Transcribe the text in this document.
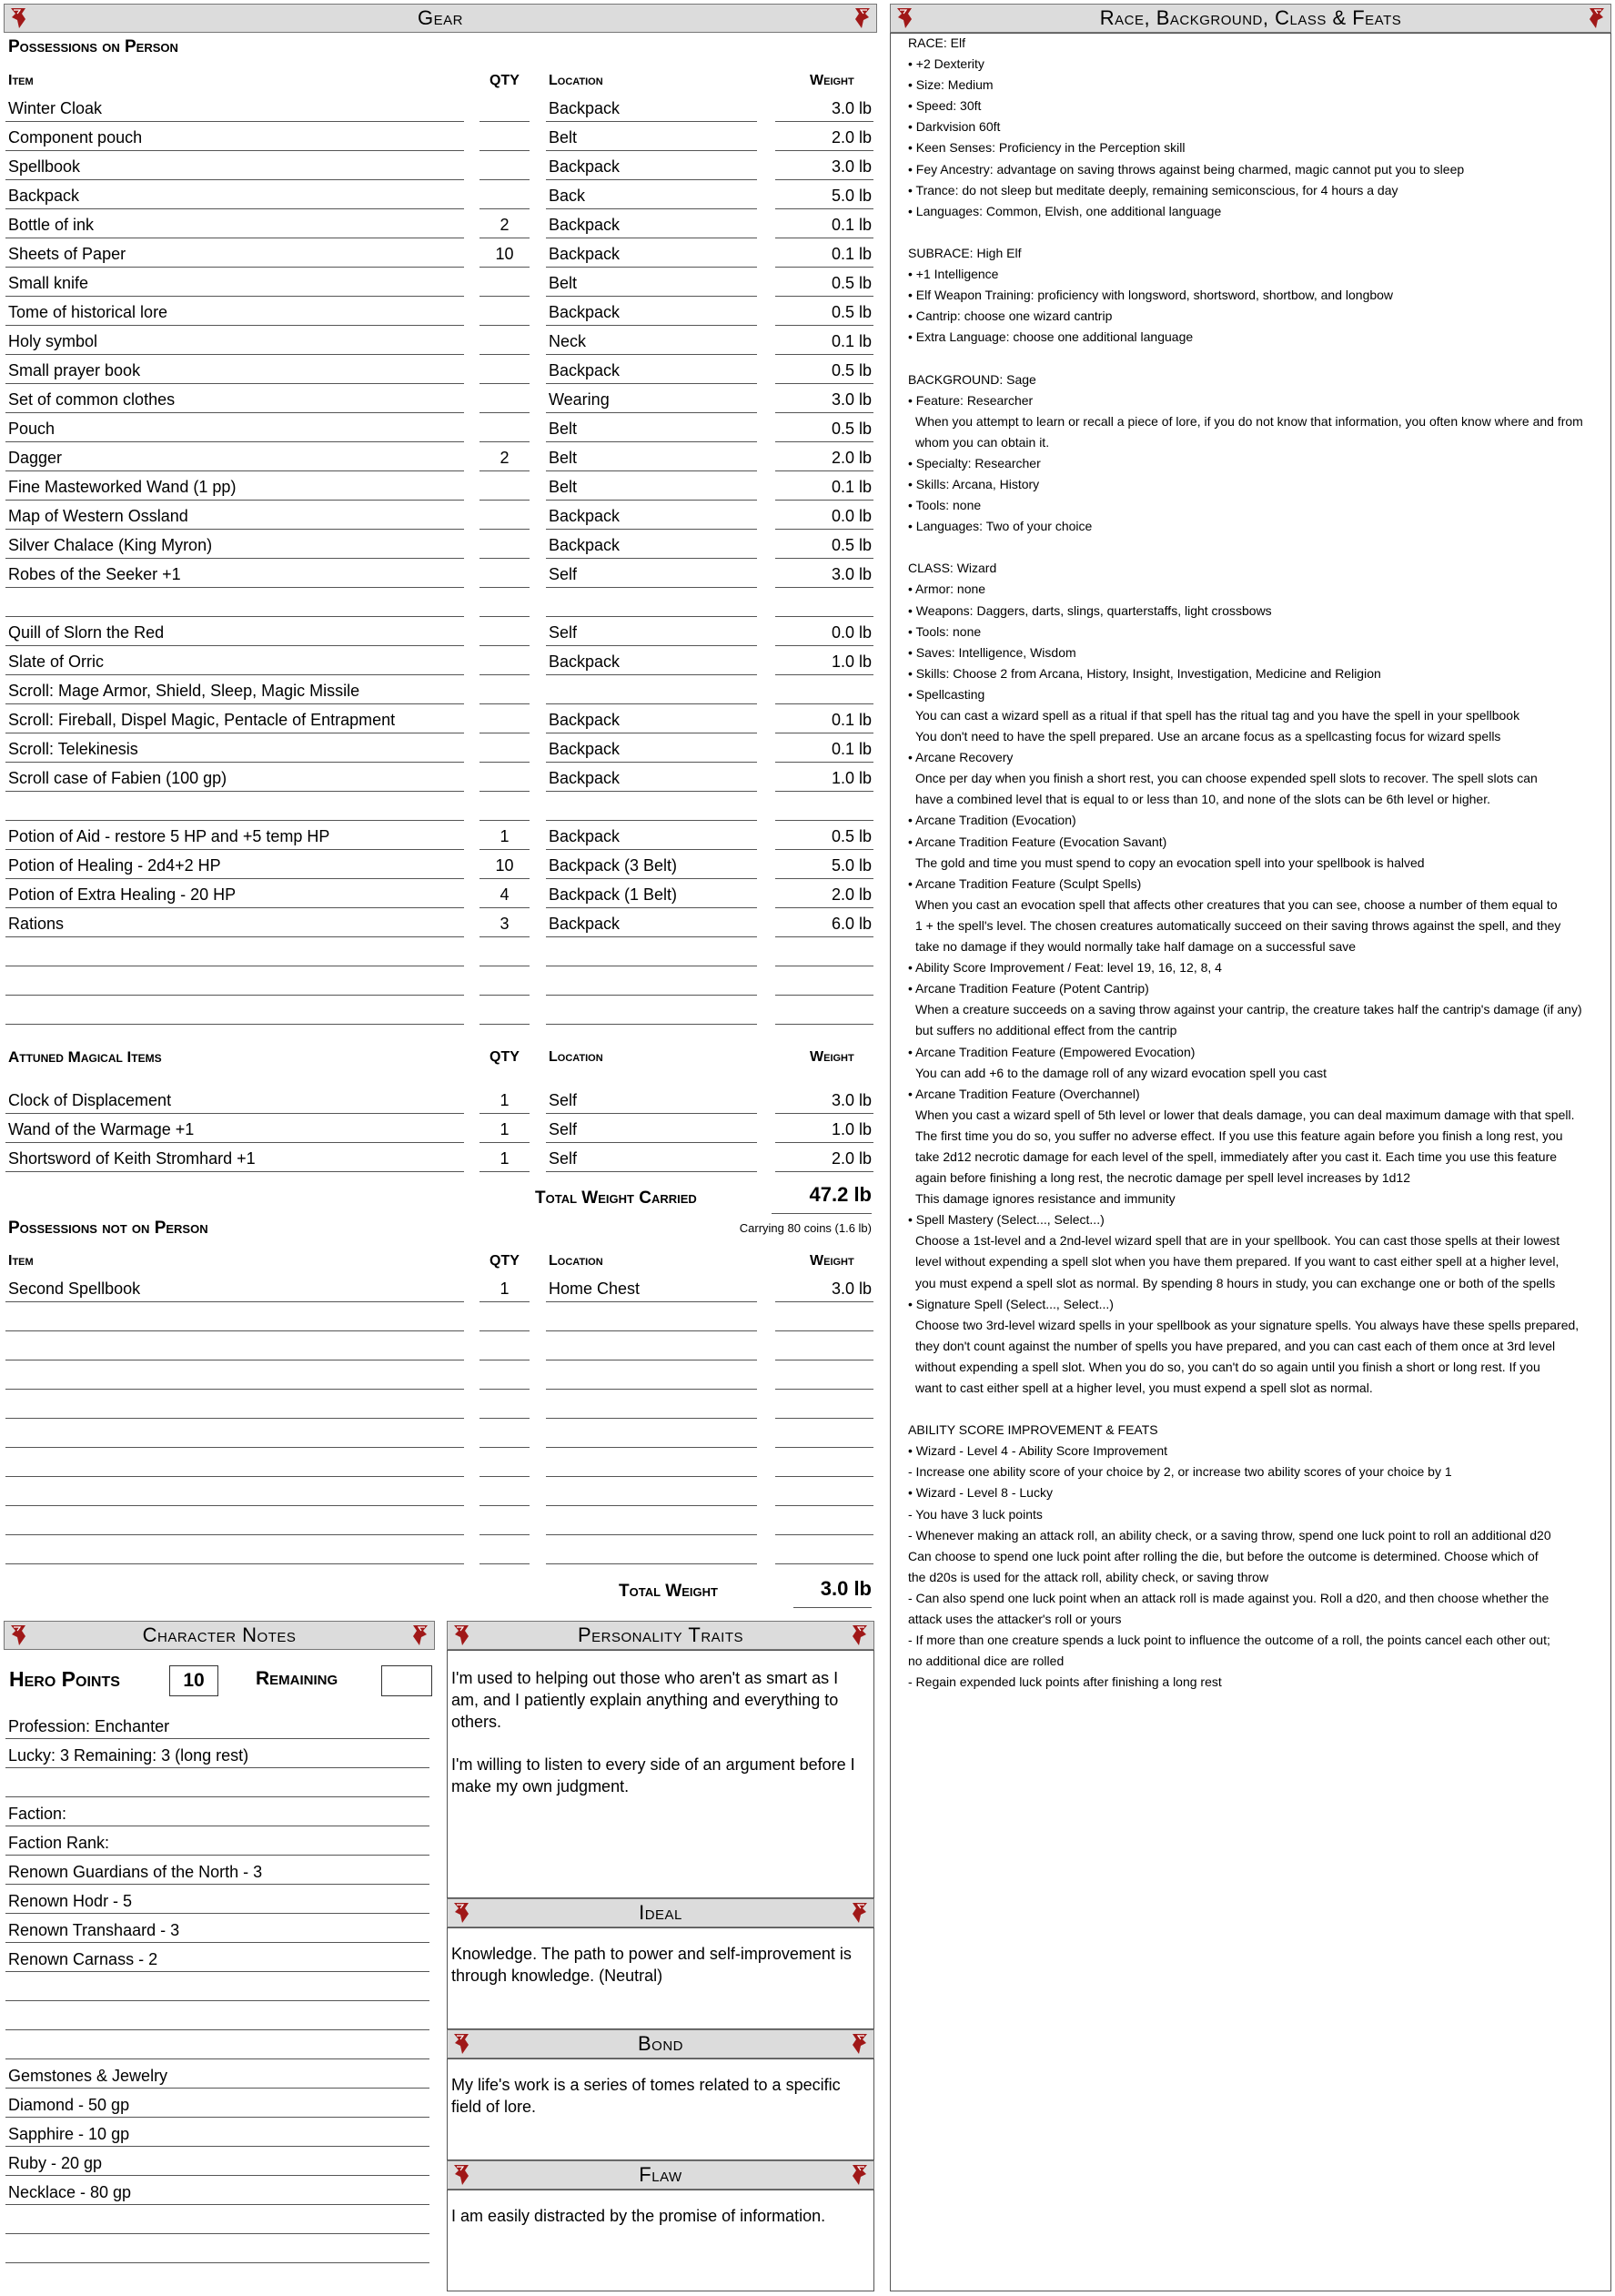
Gear
Possessions on Person
Item	QTY Location	Weight
Winter Cloak	Backpack	3.0 lb
Component pouch	Belt	2.0 lb
Spellbook	Backpack	3.0 lb
Backpack	Back	5.0 lb
Bottle of ink	2	Backpack	0.1 lb
Sheets of Paper	10	Backpack	0.1 lb
Small knife	Belt	0.5 lb
Tome of historical lore	Backpack	0.5 lb
Holy symbol	Neck	0.1 lb
Small prayer book	Backpack	0.5 lb
Set of common clothes	Wearing	3.0 lb
Pouch	Belt	0.5 lb
Dagger	2	Belt	2.0 lb
Fine Masteworked Wand (1 pp)	Belt	0.1 lb
Map of Western Ossland	Backpack	0.0 lb
Silver Chalace (King Myron)	Backpack	0.5 lb
Robes of the Seeker +1	Self	3.0 lb
Quill of Slorn the Red	Self	0.0 lb
Slate of Orric	Backpack	1.0 lb
Scroll: Mage Armor, Shield, Sleep, Magic Missile
Scroll: Fireball, Dispel Magic, Pentacle of Entrapment	Backpack	0.1 lb
Scroll: Telekinesis	Backpack	0.1 lb
Scroll case of Fabien (100 gp)	Backpack	1.0 lb
Potion of Aid - restore 5 HP and +5 temp HP	1	Backpack	0.5 lb
Potion of Healing - 2d4+2 HP	10	Backpack (3 Belt)	5.0 lb
Potion of Extra Healing - 20 HP	4	Backpack (1 Belt)	2.0 lb
Rations	3	Backpack	6.0 lb
Attuned Magical Items	QTY Location	Weight
Clock of Displacement	1	Self	3.0 lb
Wand of the Warmage +1	1	Self	1.0 lb
Shortsword of Keith Stromhard +1	1	Self	2.0 lb
Total Weight Carried	47.2 lb
Carrying 80 coins (1.6 lb)
Possessions not on Person
Item	QTY Location	Weight
Second Spellbook	1	Home Chest	3.0 lb
Total Weight	3.0 lb
Character Notes
Hero Points	10	Remaining
Profession: Enchanter
Lucky: 3 Remaining: 3 (long rest)
Faction:
Faction Rank:
Renown Guardians of the North - 3
Renown Hodr - 5
Renown Transhaard - 3
Renown Carnass - 2
Gemstones & Jewelry
Diamond - 50 gp
Sapphire - 10 gp
Ruby - 20 gp
Necklace - 80 gp
Personality Traits
I'm used to helping out those who aren't as smart as I am, and I patiently explain anything and everything to others.
I'm willing to listen to every side of an argument before I make my own judgment.
Ideal
Knowledge. The path to power and self-improvement is through knowledge. (Neutral)
Bond
My life's work is a series of tomes related to a specific field of lore.
Flaw
I am easily distracted by the promise of information.
Race, Background, Class & Feats
RACE: Elf
• +2 Dexterity
• Size: Medium
• Speed: 30ft
• Darkvision 60ft
• Keen Senses: Proficiency in the Perception skill
• Fey Ancestry: advantage on saving throws against being charmed, magic cannot put you to sleep
• Trance: do not sleep but meditate deeply, remaining semiconscious, for 4 hours a day
• Languages: Common, Elvish, one additional language
SUBRACE: High Elf
• +1 Intelligence
• Elf Weapon Training: proficiency with longsword, shortsword, shortbow, and longbow
• Cantrip: choose one wizard cantrip
• Extra Language: choose one additional language
BACKGROUND: Sage
• Feature: Researcher
When you attempt to learn or recall a piece of lore, if you do not know that information, you often know where and from
whom you can obtain it.
• Specialty: Researcher
• Skills: Arcana, History
• Tools: none
• Languages: Two of your choice
CLASS: Wizard
• Armor: none
• Weapons: Daggers, darts, slings, quarterstaffs, light crossbows
• Tools: none
• Saves: Intelligence, Wisdom
• Skills: Choose 2 from Arcana, History, Insight, Investigation, Medicine and Religion
• Spellcasting
You can cast a wizard spell as a ritual if that spell has the ritual tag and you have the spell in your spellbook
You don't need to have the spell prepared. Use an arcane focus as a spellcasting focus for wizard spells
• Arcane Recovery
Once per day when you finish a short rest, you can choose expended spell slots to recover. The spell slots can
have a combined level that is equal to or less than 10, and none of the slots can be 6th level or higher.
• Arcane Tradition (Evocation)
• Arcane Tradition Feature (Evocation Savant)
The gold and time you must spend to copy an evocation spell into your spellbook is halved
• Arcane Tradition Feature (Sculpt Spells)
When you cast an evocation spell that affects other creatures that you can see, choose a number of them equal to
1 + the spell's level. The chosen creatures automatically succeed on their saving throws against the spell, and they
take no damage if they would normally take half damage on a successful save
• Ability Score Improvement / Feat: level 19, 16, 12, 8, 4
• Arcane Tradition Feature (Potent Cantrip)
When a creature succeeds on a saving throw against your cantrip, the creature takes half the cantrip's damage (if any)
but suffers no additional effect from the cantrip
• Arcane Tradition Feature (Empowered Evocation)
You can add +6 to the damage roll of any wizard evocation spell you cast
• Arcane Tradition Feature (Overchannel)
When you cast a wizard spell of 5th level or lower that deals damage, you can deal maximum damage with that spell.
The first time you do so, you suffer no adverse effect. If you use this feature again before you finish a long rest, you
take 2d12 necrotic damage for each level of the spell, immediately after you cast it. Each time you use this feature
again before finishing a long rest, the necrotic damage per spell level increases by 1d12
This damage ignores resistance and immunity
• Spell Mastery (Select..., Select...)
Choose a 1st-level and a 2nd-level wizard spell that are in your spellbook. You can cast those spells at their lowest
level without expending a spell slot when you have them prepared. If you want to cast either spell at a higher level,
you must expend a spell slot as normal. By spending 8 hours in study, you can exchange one or both of the spells
• Signature Spell (Select..., Select...)
Choose two 3rd-level wizard spells in your spellbook as your signature spells. You always have these spells prepared,
they don't count against the number of spells you have prepared, and you can cast each of them once at 3rd level
without expending a spell slot. When you do so, you can't do so again until you finish a short or long rest. If you
want to cast either spell at a higher level, you must expend a spell slot as normal.
ABILITY SCORE IMPROVEMENT & FEATS
• Wizard - Level 4 - Ability Score Improvement
- Increase one ability score of your choice by 2, or increase two ability scores of your choice by 1
• Wizard - Level 8 - Lucky
- You have 3 luck points
- Whenever making an attack roll, an ability check, or a saving throw, spend one luck point to roll an additional d20
Can choose to spend one luck point after rolling the die, but before the outcome is determined. Choose which of
the d20s is used for the attack roll, ability check, or saving throw
- Can also spend one luck point when an attack roll is made against you. Roll a d20, and then choose whether the
attack uses the attacker's roll or yours
- If more than one creature spends a luck point to influence the outcome of a roll, the points cancel each other out;
no additional dice are rolled
- Regain expended luck points after finishing a long rest
